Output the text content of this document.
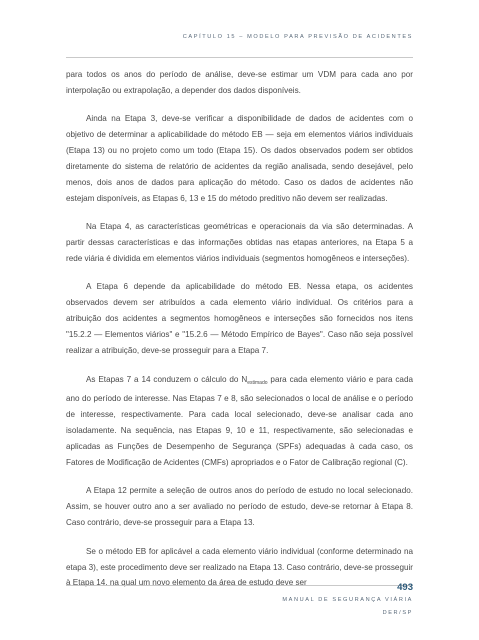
CAPÍTULO 15 – MODELO PARA PREVISÃO DE ACIDENTES

para todos os anos do período de análise, deve-se estimar um VDM para cada ano por interpolação ou extrapolação, a depender dos dados disponíveis.

Ainda na Etapa 3, deve-se verificar a disponibilidade de dados de acidentes com o objetivo de determinar a aplicabilidade do método EB — seja em elementos viários individuais (Etapa 13) ou no projeto como um todo (Etapa 15). Os dados observados podem ser obtidos diretamente do sistema de relatório de acidentes da região analisada, sendo desejável, pelo menos, dois anos de dados para aplicação do método. Caso os dados de acidentes não estejam disponíveis, as Etapas 6, 13 e 15 do método preditivo não devem ser realizadas.

Na Etapa 4, as características geométricas e operacionais da via são determinadas. A partir dessas características e das informações obtidas nas etapas anteriores, na Etapa 5 a rede viária é dividida em elementos viários individuais (segmentos homogêneos e interseções).

A Etapa 6 depende da aplicabilidade do método EB. Nessa etapa, os acidentes observados devem ser atribuídos a cada elemento viário individual. Os critérios para a atribuição dos acidentes a segmentos homogêneos e interseções são fornecidos nos itens "15.2.2 — Elementos viários" e "15.2.6 — Método Empírico de Bayes". Caso não seja possível realizar a atribuição, deve-se prosseguir para a Etapa 7.

As Etapas 7 a 14 conduzem o cálculo do $N_{estimado}$ para cada elemento viário e para cada ano do período de interesse. Nas Etapas 7 e 8, são selecionados o local de análise e o período de interesse, respectivamente. Para cada local selecionado, deve-se analisar cada ano isoladamente. Na sequência, nas Etapas 9, 10 e 11, respectivamente, são selecionadas e aplicadas as Funções de Desempenho de Segurança (SPFs) adequadas à cada caso, os Fatores de Modificação de Acidentes (CMFs) apropriados e o Fator de Calibração regional (C).

A Etapa 12 permite a seleção de outros anos do período de estudo no local selecionado. Assim, se houver outro ano a ser avaliado no período de estudo, deve-se retornar à Etapa 8. Caso contrário, deve-se prosseguir para a Etapa 13.

Se o método EB for aplicável a cada elemento viário individual (conforme determinado na etapa 3), este procedimento deve ser realizado na Etapa 13. Caso contrário, deve-se prosseguir à Etapa 14, na qual um novo elemento da área de estudo deve ser	493
MANUAL DE SEGURANÇA VIÁRIA
DER/SP
